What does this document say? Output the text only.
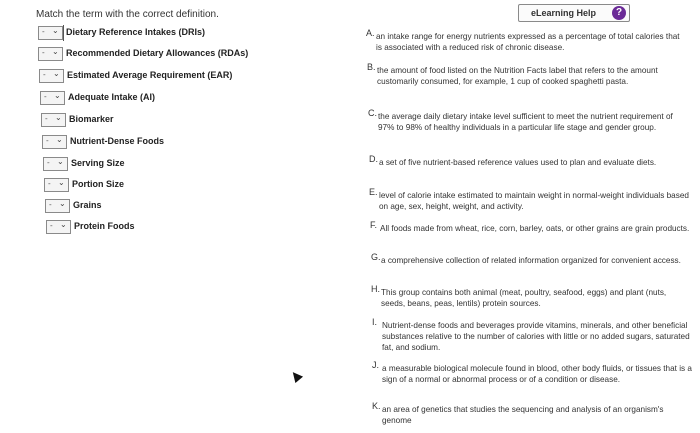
Match the term with the correct definition.	eLearning Help	?
- ⌄ Dietary Reference Intakes (DRIs)
- ⌄ Recommended Dietary Allowances (RDAs)
- ⌄ Estimated Average Requirement (EAR)
- ⌄ Adequate Intake (AI)
- ⌄ Biomarker
- ⌄ Nutrient-Dense Foods
- ⌄ Serving Size
- ⌄ Portion Size
- ⌄ Grains
- ⌄ Protein Foods
A. an intake range for energy nutrients expressed as a percentage of total calories that is associated with a reduced risk of chronic disease.
B. the amount of food listed on the Nutrition Facts label that refers to the amount customarily consumed, for example, 1 cup of cooked spaghetti pasta.
C. the average daily dietary intake level sufficient to meet the nutrient requirement of 97% to 98% of healthy individuals in a particular life stage and gender group.
D. a set of five nutrient-based reference values used to plan and evaluate diets.
E. level of calorie intake estimated to maintain weight in normal-weight individuals based on age, sex, height, weight, and activity.
F. All foods made from wheat, rice, corn, barley, oats, or other grains are grain products.
G. a comprehensive collection of related information organized for convenient access.
H. This group contains both animal (meat, poultry, seafood, eggs) and plant (nuts, seeds, beans, peas, lentils) protein sources.
I. Nutrient-dense foods and beverages provide vitamins, minerals, and other beneficial substances relative to the number of calories with little or no added sugars, saturated fat, and sodium.
J. a measurable biological molecule found in blood, other body fluids, or tissues that is a sign of a normal or abnormal process or of a condition or disease.
K. an area of genetics that studies the sequencing and analysis of an organism's genome
